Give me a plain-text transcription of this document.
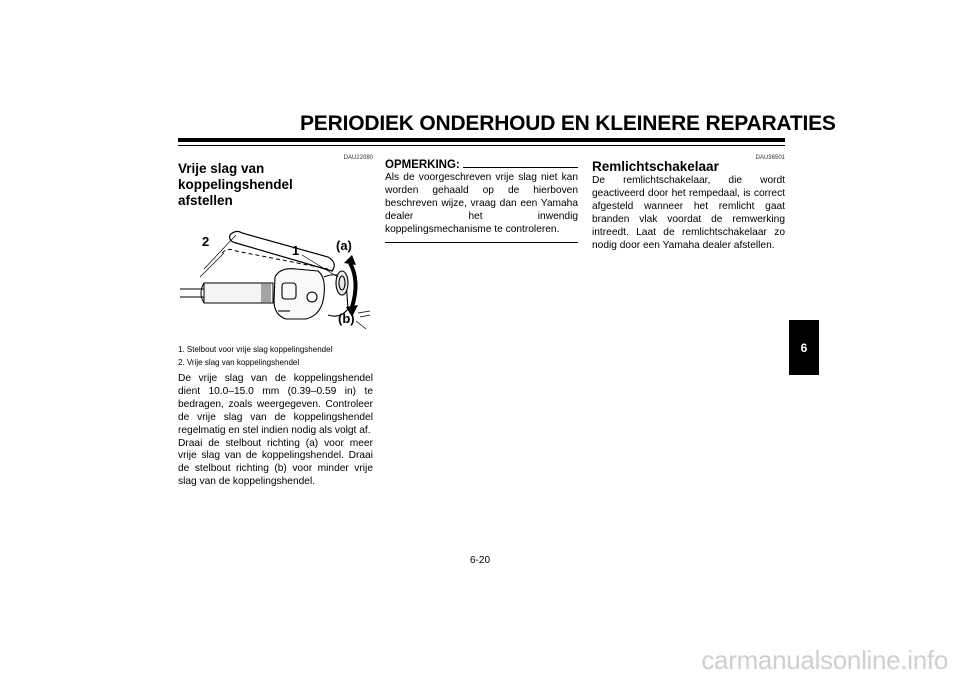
PERIODIEK ONDERHOUD EN KLEINERE REPARATIES
DAU22080
Vrije slag van koppelingshendel
afstellen
2
1	(a)
(b)
1. Stelbout voor vrije slag koppelingshendel
2. Vrije slag van koppelingshendel

De vrije slag van de koppelingshendel dient 10.0–15.0 mm (0.39–0.59 in) te bedragen, zoals weergegeven. Controleer de vrije slag van de koppelingshendel regelmatig en stel indien nodig als volgt af.

Draai de stelbout richting (a) voor meer vrije slag van de koppelingshendel. Draai de stelbout richting (b) voor minder vrije slag van de koppelingshendel.

OPMERKING:

Als de voorgeschreven vrije slag niet kan worden gehaald op de hierboven beschreven wijze, vraag dan een Yamaha dealer het inwendig koppelingsmechanisme te controleren.

DAU36501
Remlichtschakelaar

De remlichtschakelaar, die wordt geactiveerd door het rempedaal, is correct afgesteld wanneer het remlicht gaat branden vlak voordat de remwerking intreedt. Laat de remlichtschakelaar zo nodig door een Yamaha dealer afstellen.

6
6-20
carmanualsonline.info
